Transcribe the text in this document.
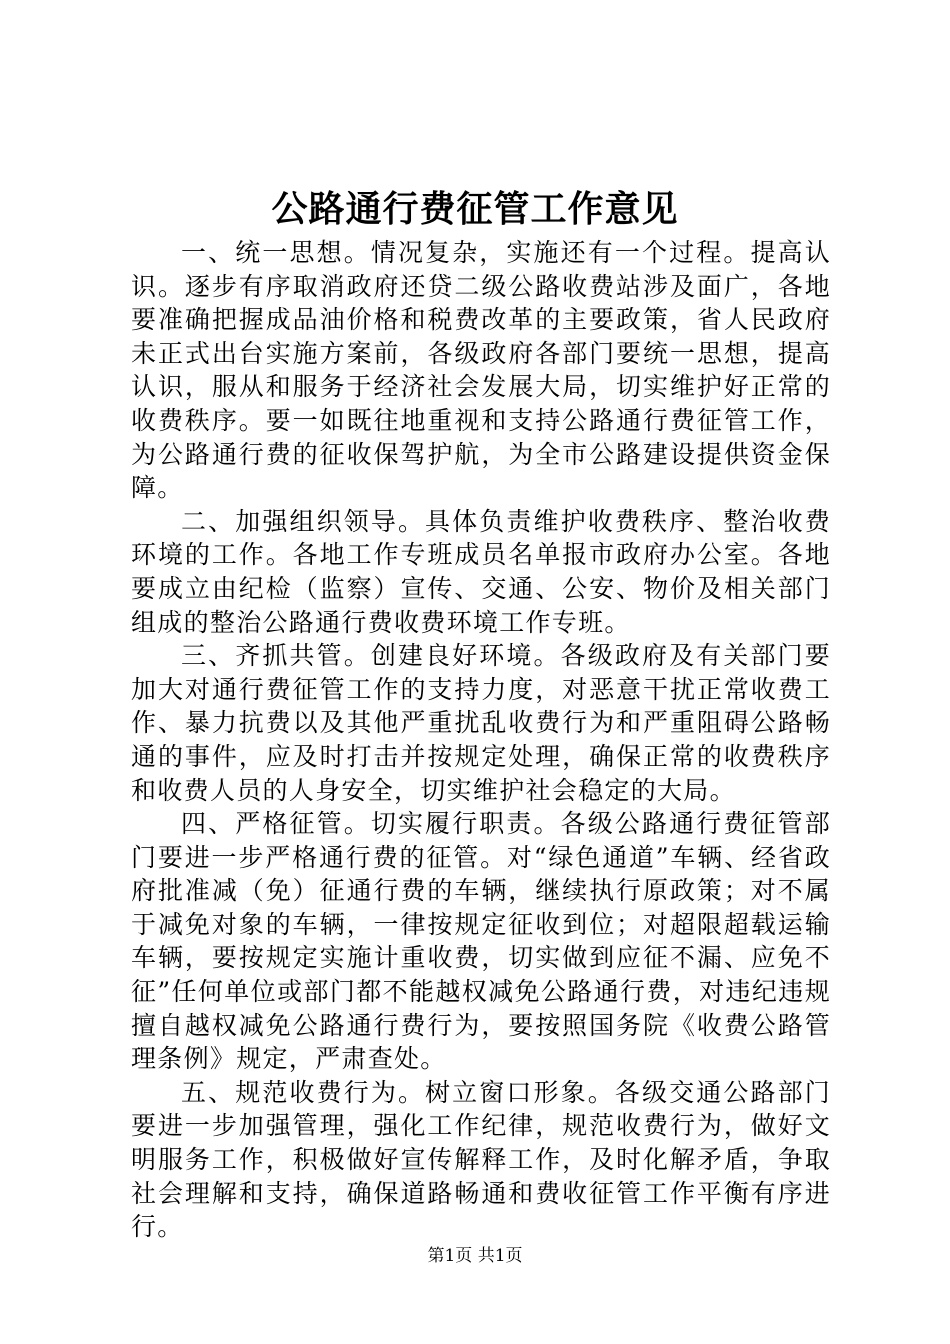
公路通行费征管工作意见

一、统一思想。情况复杂，实施还有一个过程。提高认识。逐步有序取消政府还贷二级公路收费站涉及面广，各地要准确把握成品油价格和税费改革的主要政策，省人民政府未正式出台实施方案前，各级政府各部门要统一思想，提高认识，服从和服务于经济社会发展大局，切实维护好正常的收费秩序。要一如既往地重视和支持公路通行费征管工作，为公路通行费的征收保驾护航，为全市公路建设提供资金保障。

二、加强组织领导。具体负责维护收费秩序、整治收费环境的工作。各地工作专班成员名单报市政府办公室。各地要成立由纪检（监察）宣传、交通、公安、物价及相关部门组成的整治公路通行费收费环境工作专班。

三、齐抓共管。创建良好环境。各级政府及有关部门要加大对通行费征管工作的支持力度，对恶意干扰正常收费工作、暴力抗费以及其他严重扰乱收费行为和严重阻碍公路畅通的事件，应及时打击并按规定处理，确保正常的收费秩序和收费人员的人身安全，切实维护社会稳定的大局。

四、严格征管。切实履行职责。各级公路通行费征管部门要进一步严格通行费的征管。对“绿色通道”车辆、经省政府批准减（免）征通行费的车辆，继续执行原政策；对不属于减免对象的车辆，一律按规定征收到位；对超限超载运输车辆，要按规定实施计重收费，切实做到应征不漏、应免不征”任何单位或部门都不能越权减免公路通行费，对违纪违规擅自越权减免公路通行费行为，要按照国务院《收费公路管理条例》规定，严肃查处。

五、规范收费行为。树立窗口形象。各级交通公路部门要进一步加强管理，强化工作纪律，规范收费行为，做好文明服务工作，积极做好宣传解释工作，及时化解矛盾，争取社会理解和支持，确保道路畅通和费收征管工作平衡有序进行。

第1页 共1页
